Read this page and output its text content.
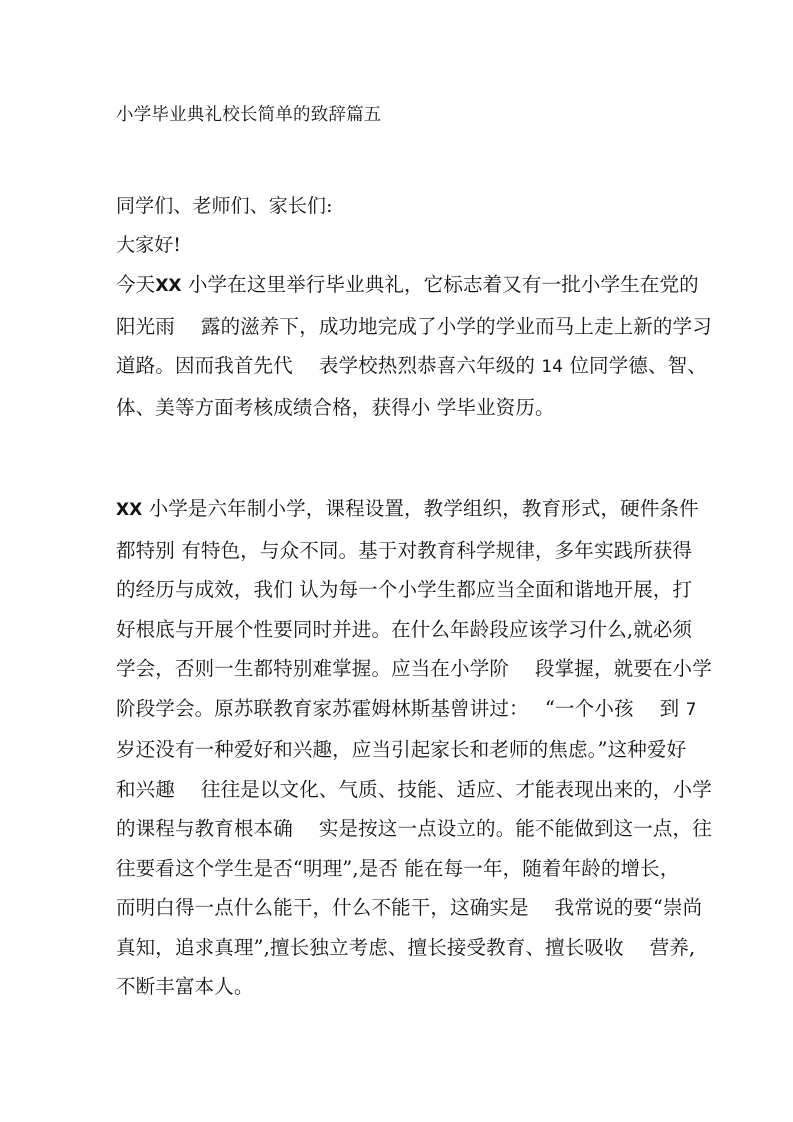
小学毕业典礼校长简单的致辞篇五
同学们、老师们、家长们:
大家好!
今天XX 小学在这里举行毕业典礼，它标志着又有一批小学生在党的
阳光雨　 露的滋养下，成功地完成了小学的学业而马上走上新的学习
道路。因而我首先代　 表学校热烈恭喜六年级的 14 位同学德、智、
体、美等方面考核成绩合格，获得小 学毕业资历。
XX 小学是六年制小学，课程设置，教学组织，教育形式，硬件条件
都特别 有特色，与众不同。基于对教育科学规律，多年实践所获得
的经历与成效，我们 认为每一个小学生都应当全面和谐地开展，打
好根底与开展个性要同时并进。在什么年龄段应该学习什么,就必须
学会，否则一生都特别难掌握。应当在小学阶　 段掌握，就要在小学
阶段学会。原苏联教育家苏霍姆林斯基曾讲过：　 “一个小孩　 到 7
岁还没有一种爱好和兴趣，应当引起家长和老师的焦虑。”这种爱好
和兴趣　 往往是以文化、气质、技能、适应、才能表现出来的，小学
的课程与教育根本确　 实是按这一点设立的。能不能做到这一点，往
往要看这个学生是否“明理”,是否 能在每一年，随着年龄的增长，
而明白得一点什么能干，什么不能干，这确实是　 我常说的要“崇尚
真知，追求真理”,擅长独立考虑、擅长接受教育、擅长吸收　 营养,
不断丰富本人。
